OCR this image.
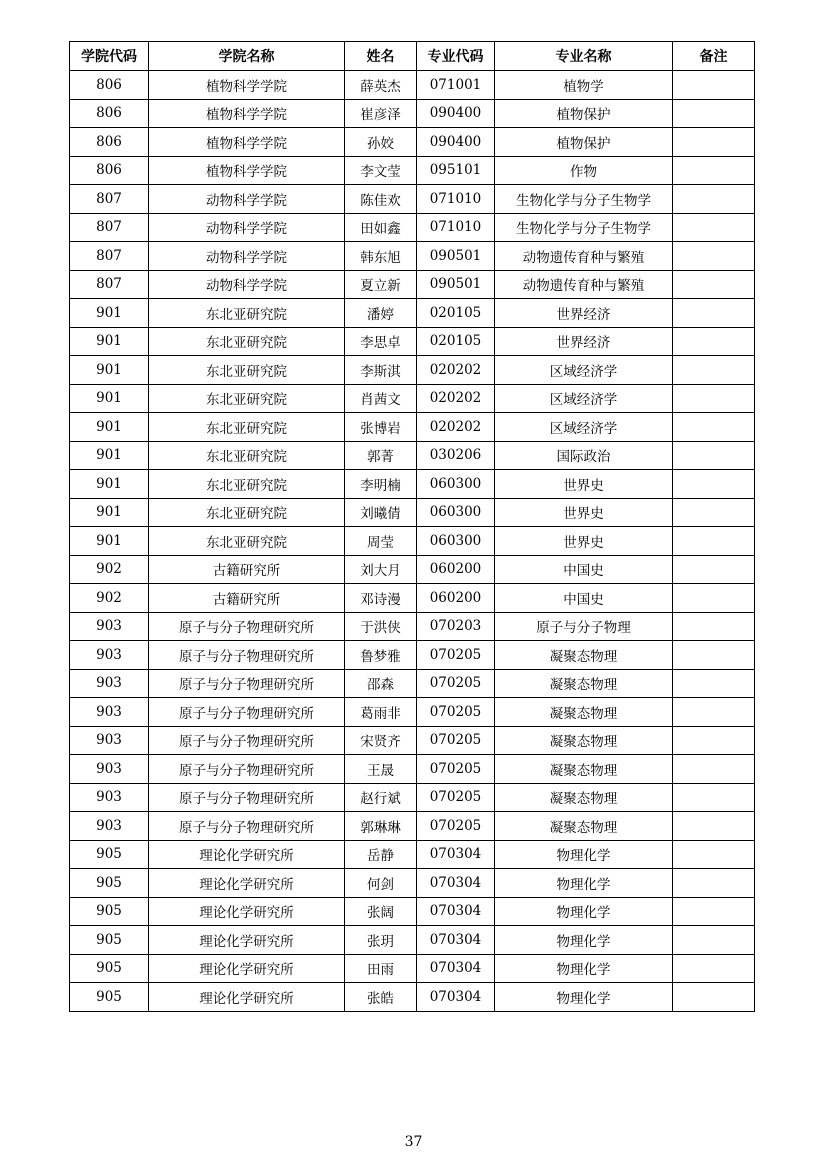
学院代码	学院名称	姓名	专业代码	专业名称	备注
806	植物科学学院	薛英杰	071001	植物学	
806	植物科学学院	崔彦泽	090400	植物保护	
806	植物科学学院	孙姣	090400	植物保护	
806	植物科学学院	李文莹	095101	作物	
807	动物科学学院	陈佳欢	071010	生物化学与分子生物学	
807	动物科学学院	田如鑫	071010	生物化学与分子生物学	
807	动物科学学院	韩东旭	090501	动物遗传育种与繁殖	
807	动物科学学院	夏立新	090501	动物遗传育种与繁殖	
901	东北亚研究院	潘婷	020105	世界经济	
901	东北亚研究院	李思卓	020105	世界经济	
901	东北亚研究院	李斯淇	020202	区域经济学	
901	东北亚研究院	肖茜文	020202	区域经济学	
901	东北亚研究院	张博岩	020202	区域经济学	
901	东北亚研究院	郭菁	030206	国际政治	
901	东北亚研究院	李明楠	060300	世界史	
901	东北亚研究院	刘曦倩	060300	世界史	
901	东北亚研究院	周莹	060300	世界史	
902	古籍研究所	刘大月	060200	中国史	
902	古籍研究所	邓诗漫	060200	中国史	
903	原子与分子物理研究所	于洪侠	070203	原子与分子物理	
903	原子与分子物理研究所	鲁梦雅	070205	凝聚态物理	
903	原子与分子物理研究所	邵森	070205	凝聚态物理	
903	原子与分子物理研究所	葛雨非	070205	凝聚态物理	
903	原子与分子物理研究所	宋贤齐	070205	凝聚态物理	
903	原子与分子物理研究所	王晟	070205	凝聚态物理	
903	原子与分子物理研究所	赵行斌	070205	凝聚态物理	
903	原子与分子物理研究所	郭琳琳	070205	凝聚态物理	
905	理论化学研究所	岳静	070304	物理化学	
905	理论化学研究所	何剑	070304	物理化学	
905	理论化学研究所	张阔	070304	物理化学	
905	理论化学研究所	张玥	070304	物理化学	
905	理论化学研究所	田雨	070304	物理化学	
905	理论化学研究所	张皓	070304	物理化学	
37
